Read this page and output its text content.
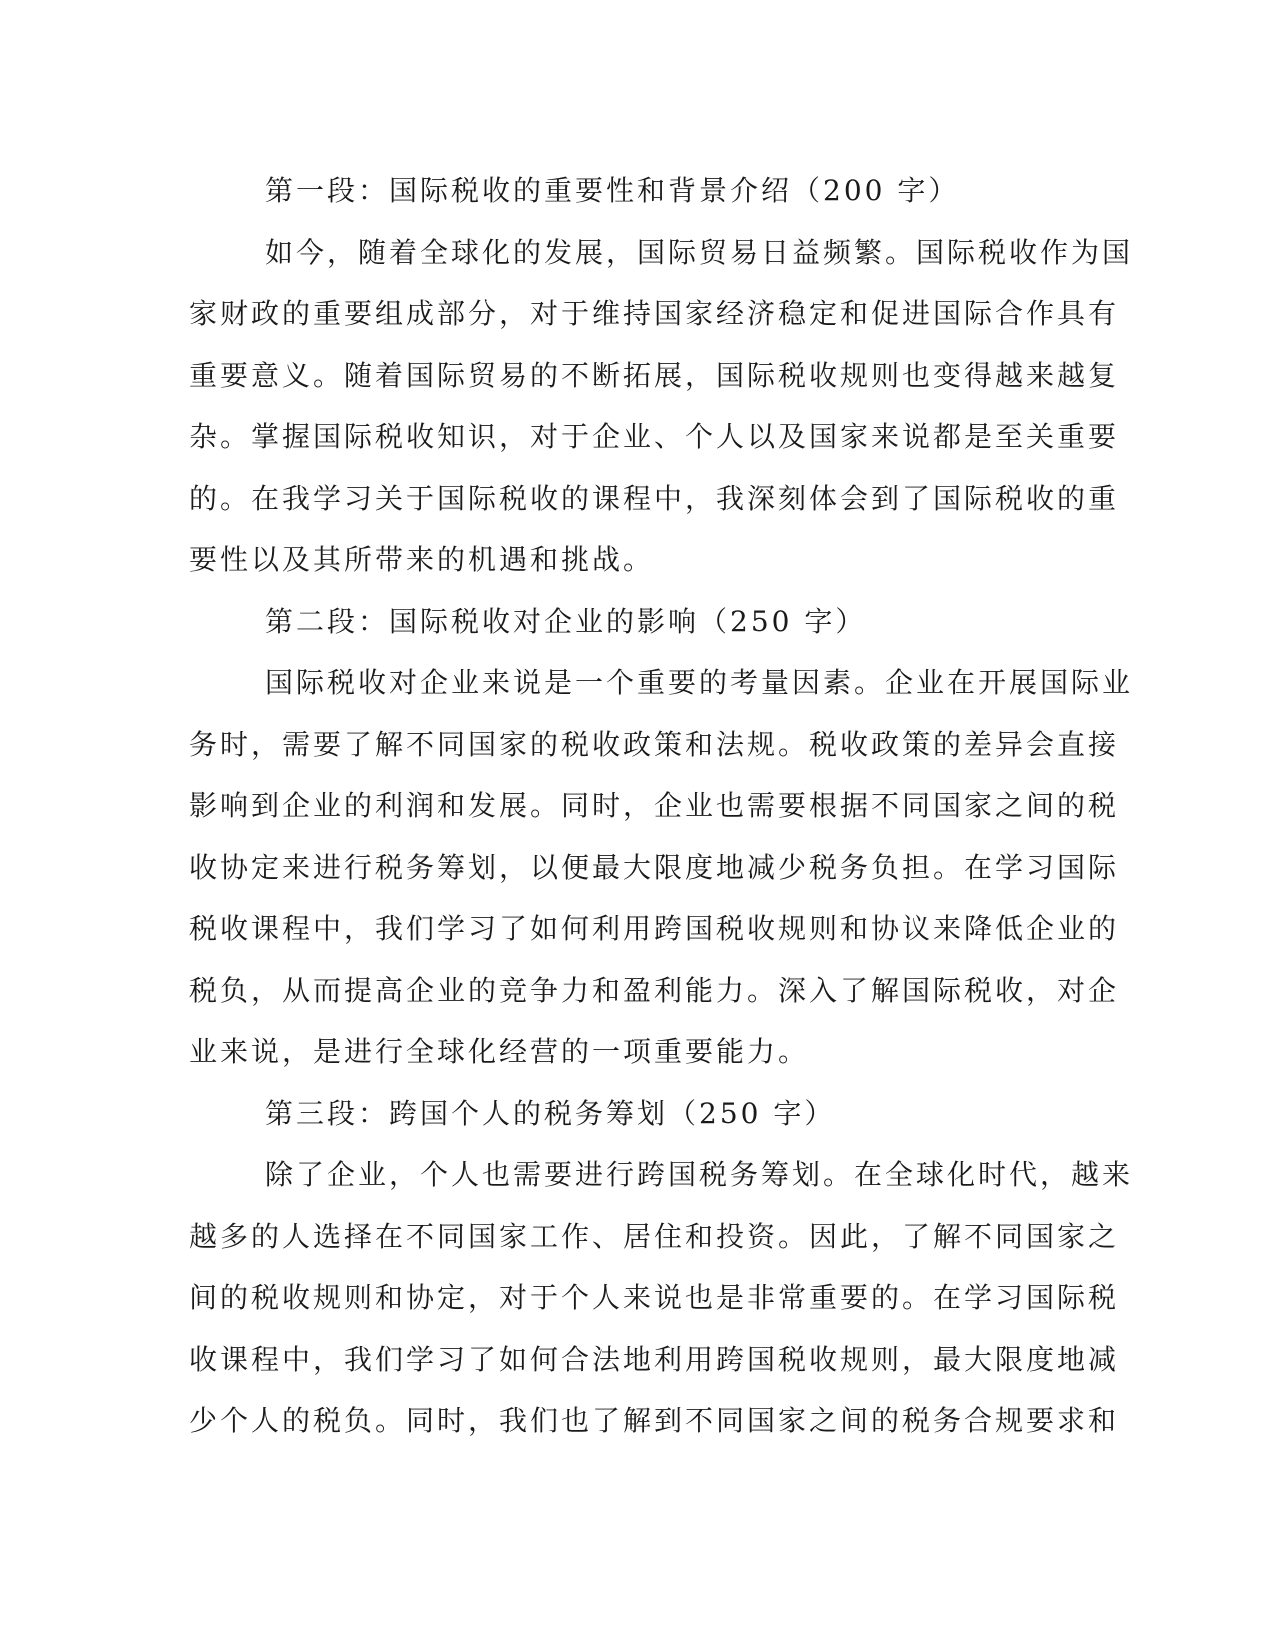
第一段：国际税收的重要性和背景介绍（200 字）
如今，随着全球化的发展，国际贸易日益频繁。国际税收作为国
家财政的重要组成部分，对于维持国家经济稳定和促进国际合作具有
重要意义。随着国际贸易的不断拓展，国际税收规则也变得越来越复
杂。掌握国际税收知识，对于企业、个人以及国家来说都是至关重要
的。在我学习关于国际税收的课程中，我深刻体会到了国际税收的重
要性以及其所带来的机遇和挑战。
第二段：国际税收对企业的影响（250 字）
国际税收对企业来说是一个重要的考量因素。企业在开展国际业
务时，需要了解不同国家的税收政策和法规。税收政策的差异会直接
影响到企业的利润和发展。同时，企业也需要根据不同国家之间的税
收协定来进行税务筹划，以便最大限度地减少税务负担。在学习国际
税收课程中，我们学习了如何利用跨国税收规则和协议来降低企业的
税负，从而提高企业的竞争力和盈利能力。深入了解国际税收，对企
业来说，是进行全球化经营的一项重要能力。
第三段：跨国个人的税务筹划（250 字）
除了企业，个人也需要进行跨国税务筹划。在全球化时代，越来
越多的人选择在不同国家工作、居住和投资。因此，了解不同国家之
间的税收规则和协定，对于个人来说也是非常重要的。在学习国际税
收课程中，我们学习了如何合法地利用跨国税收规则，最大限度地减
少个人的税负。同时，我们也了解到不同国家之间的税务合规要求和
